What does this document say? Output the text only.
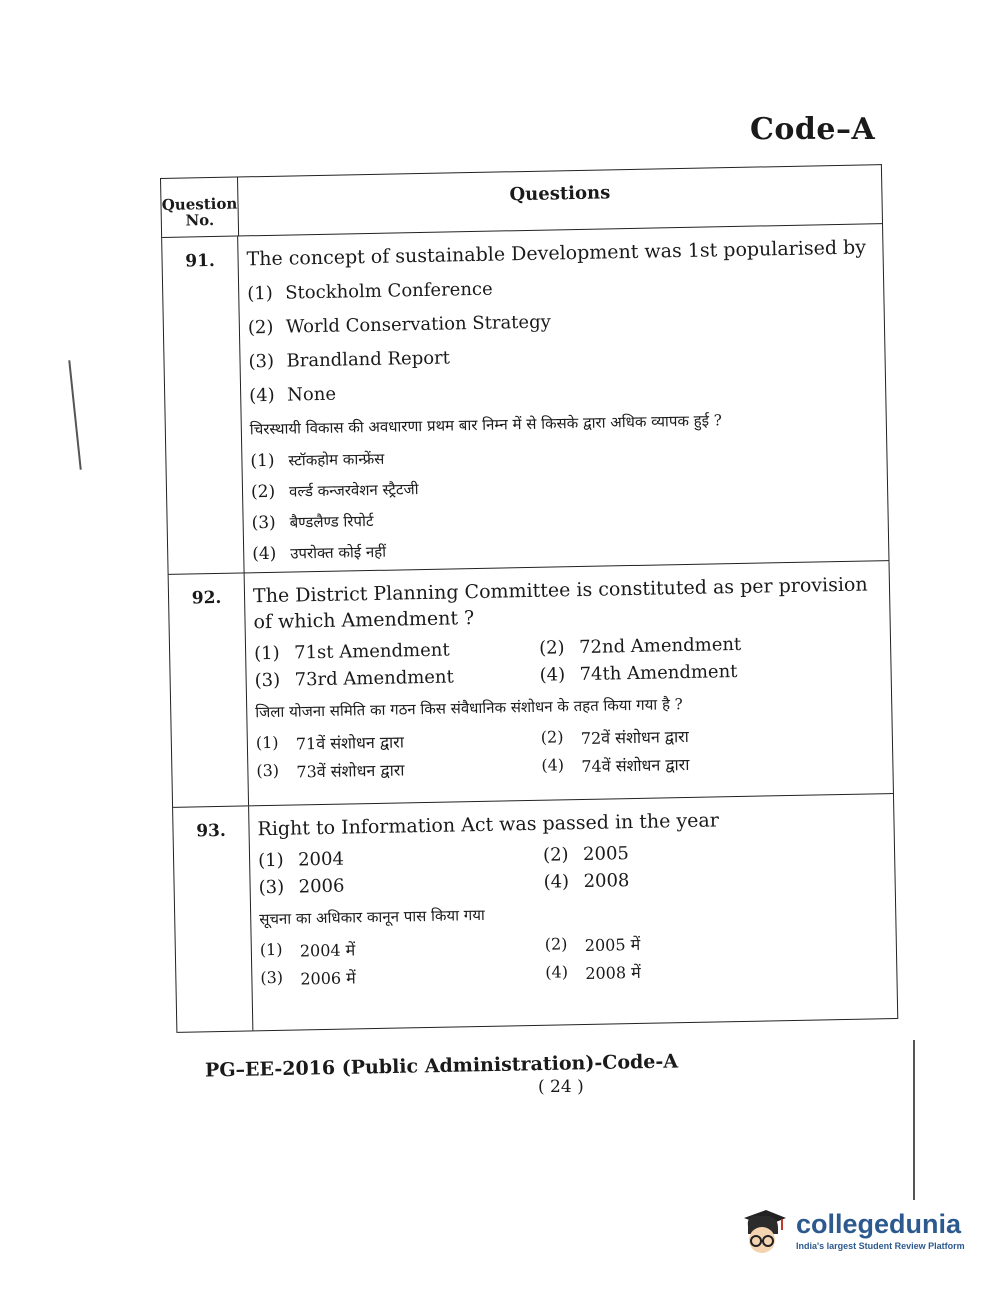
Code–A
Question No.
Questions
91.	The concept of sustainable Development was 1st popularised by
(1) Stockholm Conference
(2) World Conservation Strategy
(3) Brandland Report
(4) None
चिरस्थायी विकास की अवधारणा प्रथम बार निम्न में से किसके द्वारा अधिक व्यापक हुई ?
(1) स्टॉकहोम कान्फ्रेंस
(2) वर्ल्ड कन्जरवेशन स्ट्रैटजी
(3) बैण्डलैण्ड रिपोर्ट
(4) उपरोक्त कोई नहीं
92.	The District Planning Committee is constituted as per provision of which Amendment ?
(1) 71st Amendment	(2) 72nd Amendment
(3) 73rd Amendment	(4) 74th Amendment
जिला योजना समिति का गठन किस संवैधानिक संशोधन के तहत किया गया है ?
(1)	71वें संशोधन द्वारा	(2)	72वें संशोधन द्वारा
(3)	73वें संशोधन द्वारा	(4)	74वें संशोधन द्वारा
93.	Right to Information Act was passed in the year
(1) 2004	(2) 2005
(3) 2006	(4) 2008
सूचना का अधिकार कानून पास किया गया
(1)	2004 में	(2)	2005 में
(3)	2006 में	(4)	2008 में
PG–EE-2016 (Public Administration)-Code-A
( 24 )
collegedunia
India's largest Student Review Platform
